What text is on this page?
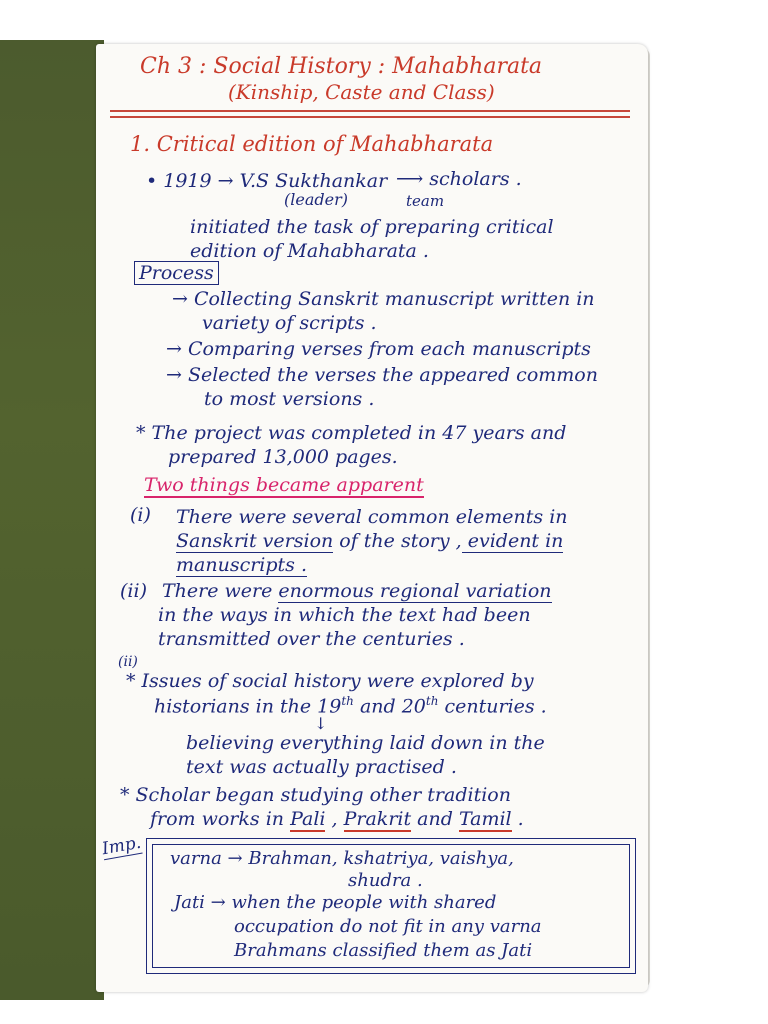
Ch 3 : Social History : Mahabharata
(Kinship, Caste and Class)
1. Critical edition of Mahabharata
• 1919 → V.S Sukthankar ⟶ scholars .
(leader)	team
initiated the task of preparing critical
edition of Mahabharata .
Process
→ Collecting Sanskrit manuscript written in
variety of scripts .
→ Comparing verses from each manuscripts
→ Selected the verses the appeared common
to most versions .
* The project was completed in 47 years and
prepared 13,000 pages.
Two things became apparent
(i) There were several common elements in
Sanskrit version of the story , evident in
manuscripts .
(ii) There were enormous regional variation
in the ways in which the text had been
transmitted over the centuries .
(ii)
* Issues of social history were explored by
historians in the 19th and 20th centuries .
↓
believing everything laid down in the
text was actually practised .
* Scholar began studying other tradition
from works in Pali , Prakrit and Tamil .
Imp. varna → Brahman, kshatriya, vaishya,
shudra .
Jati → when the people with shared
occupation do not fit in any varna
Brahmans classified them as Jati
